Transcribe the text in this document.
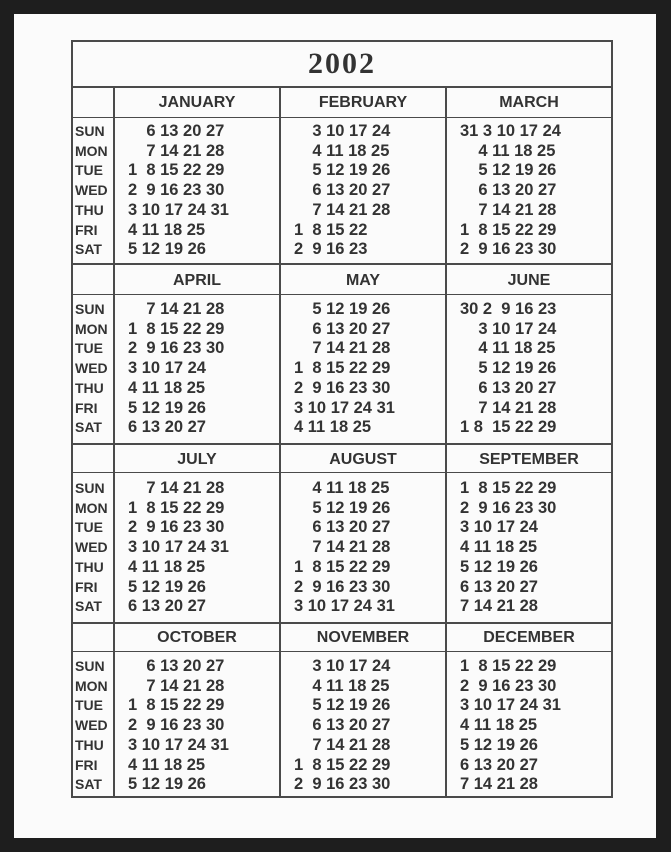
2002
JANUARY
6 13 20 27
7 14 21 28
1  8 15 22 29
2  9 16 23 30
3 10 17 24 31
4 11 18 25
5 12 19 26
FEBRUARY
3 10 17 24
4 11 18 25
5 12 19 26
6 13 20 27
7 14 21 28
1  8 15 22
2  9 16 23
MARCH
31 3 10 17 24
4 11 18 25
5 12 19 26
6 13 20 27
7 14 21 28
1  8 15 22 29
2  9 16 23 30
APRIL
7 14 21 28
1  8 15 22 29
2  9 16 23 30
3 10 17 24
4 11 18 25
5 12 19 26
6 13 20 27
MAY
5 12 19 26
6 13 20 27
7 14 21 28
1  8 15 22 29
2  9 16 23 30
3 10 17 24 31
4 11 18 25
JUNE
30 2  9 16 23
3 10 17 24
4 11 18 25
5 12 19 26
6 13 20 27
7 14 21 28
1 8  15 22 29
JULY
7 14 21 28
1  8 15 22 29
2  9 16 23 30
3 10 17 24 31
4 11 18 25
5 12 19 26
6 13 20 27
AUGUST
4 11 18 25
5 12 19 26
6 13 20 27
7 14 21 28
1  8 15 22 29
2  9 16 23 30
3 10 17 24 31
SEPTEMBER
1  8 15 22 29
2  9 16 23 30
3 10 17 24
4 11 18 25
5 12 19 26
6 13 20 27
7 14 21 28
OCTOBER
6 13 20 27
7 14 21 28
1  8 15 22 29
2  9 16 23 30
3 10 17 24 31
4 11 18 25
5 12 19 26
NOVEMBER
3 10 17 24
4 11 18 25
5 12 19 26
6 13 20 27
7 14 21 28
1  8 15 22 29
2  9 16 23 30
DECEMBER
1  8 15 22 29
2  9 16 23 30
3 10 17 24 31
4 11 18 25
5 12 19 26
6 13 20 27
7 14 21 28
SUN
MON
TUE
WED
THU
FRI
SAT
SUN
MON
TUE
WED
THU
FRI
SAT
SUN
MON
TUE
WED
THU
FRI
SAT
SUN
MON
TUE
WED
THU
FRI
SAT
